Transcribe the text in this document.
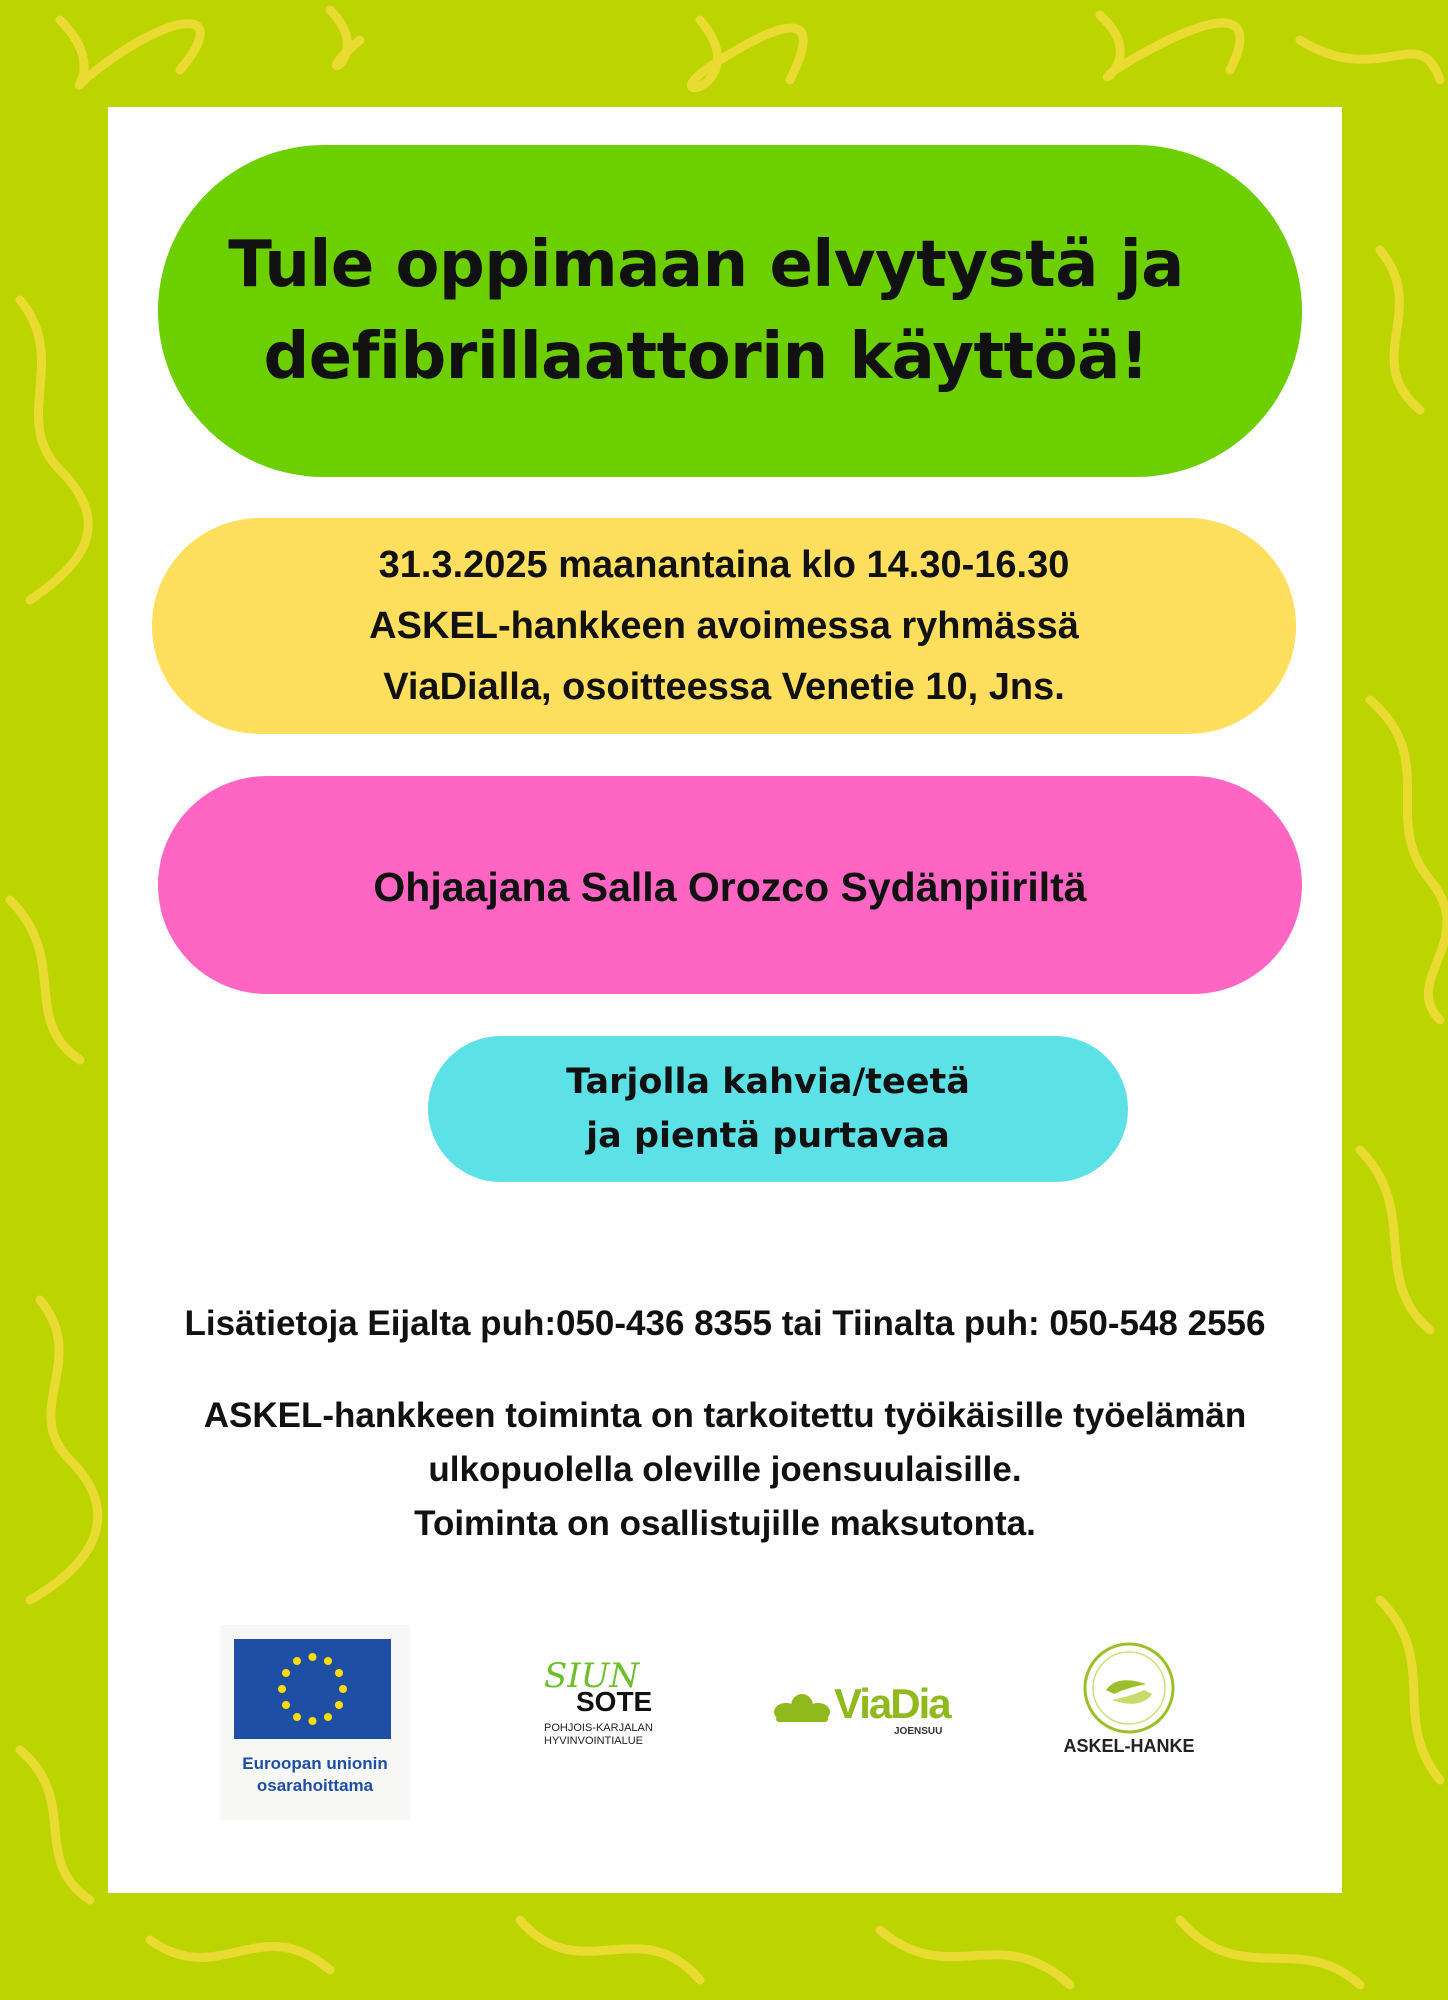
Tule oppimaan elvytystä ja
defibrillaattorin käyttöä!
31.3.2025 maanantaina klo 14.30-16.30
ASKEL-hankkeen avoimessa ryhmässä
ViaDialla, osoitteessa Venetie 10, Jns.
Ohjaajana Salla Orozco Sydänpiiriltä
Tarjolla kahvia/teetä
ja pientä purtavaa
Lisätietoja Eijalta puh:050-436 8355 tai Tiinalta puh: 050-548 2556
ASKEL-hankkeen toiminta on tarkoitettu työikäisille työelämän
ulkopuolella oleville joensuulaisille.
Toiminta on osallistujille maksutonta.
Euroopan unionin
osarahoittama
SIUN
SOTE
POHJOIS-KARJALAN
HYVINVOINTIALUE
ViaDia
JOENSUU
ASKEL-HANKE
